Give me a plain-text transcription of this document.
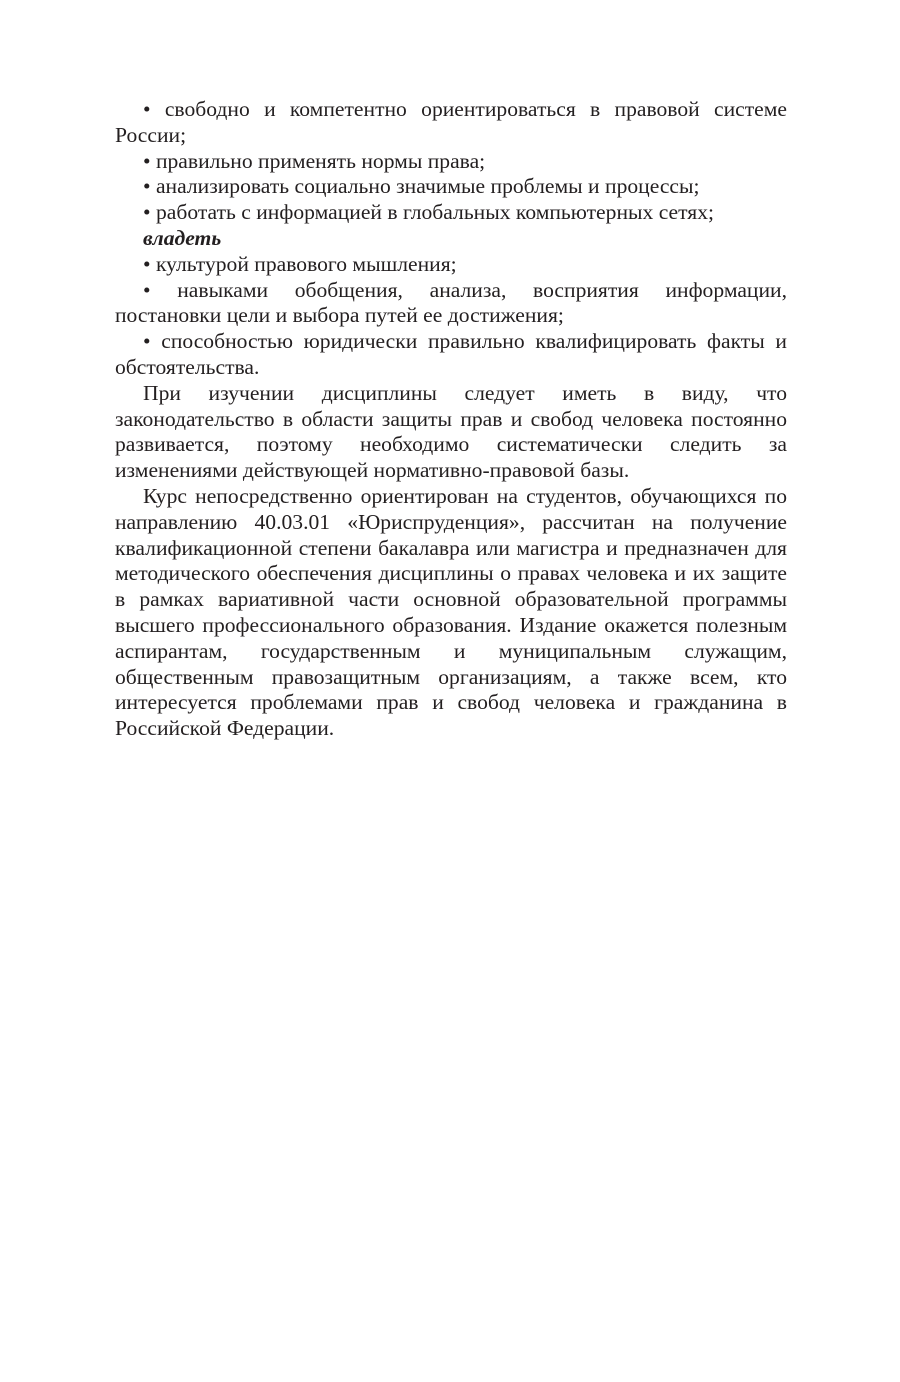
• свободно и компетентно ориентироваться в правовой системе России;

• правильно применять нормы права;

• анализировать социально значимые проблемы и процессы;

• работать с информацией в глобальных компьютерных сетях;

владеть

• культурой правового мышления;

• навыками обобщения, анализа, восприятия информации, постановки цели и выбора путей ее достижения;

• способностью юридически правильно квалифицировать факты и обстоятельства.

При изучении дисциплины следует иметь в виду, что законодательство в области защиты прав и свобод человека постоянно развивается, поэтому необходимо систематически следить за изменениями действующей нормативно-правовой базы.

Курс непосредственно ориентирован на студентов, обучающихся по направлению 40.03.01 «Юриспруденция», рассчитан на получение квалификационной степени бакалавра или магистра и предназначен для методического обеспечения дисциплины о правах человека и их защите в рамках вариативной части основной образовательной программы высшего профессионального образования. Издание окажется полезным аспирантам, государственным и муниципальным служащим, общественным правозащитным организациям, а также всем, кто интересуется проблемами прав и свобод человека и гражданина в Российской Федерации.
